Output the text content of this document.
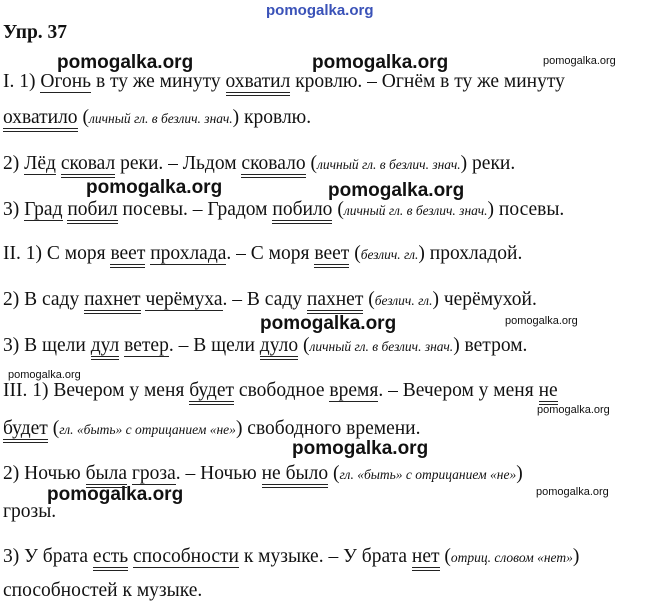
pomogalka.org
pomogalka.org	pomogalka.org	pomogalka.org
pomogalka.org	pomogalka.org
pomogalka.org	pomogalka.org
pomogalka.org
pomogalka.org
pomogalka.org
pomogalka.org	pomogalka.org
Упр. 37
I. 1) Огонь в ту же минуту охватил кровлю. – Огнём в ту же минуту
охватило (личный гл. в безлич. знач.) кровлю.
2) Лёд сковал реки. – Льдом сковало (личный гл. в безлич. знач.) реки.
3) Град побил посевы. – Градом побило (личный гл. в безлич. знач.) посевы.
II. 1) С моря веет прохлада. – С моря веет (безлич. гл.) прохладой.
2) В саду пахнет черёмуха. – В саду пахнет (безлич. гл.) черёмухой.
3) В щели дул ветер. – В щели дуло (личный гл. в безлич. знач.) ветром.
III. 1) Вечером у меня будет свободное время. – Вечером у меня не
будет (гл. «быть» с отрицанием «не») свободного времени.
2) Ночью была гроза. – Ночью не было (гл. «быть» с отрицанием «не»)
грозы.
3) У брата есть способности к музыке. – У брата нет (отриц. словом «нет»)
способностей к музыке.
